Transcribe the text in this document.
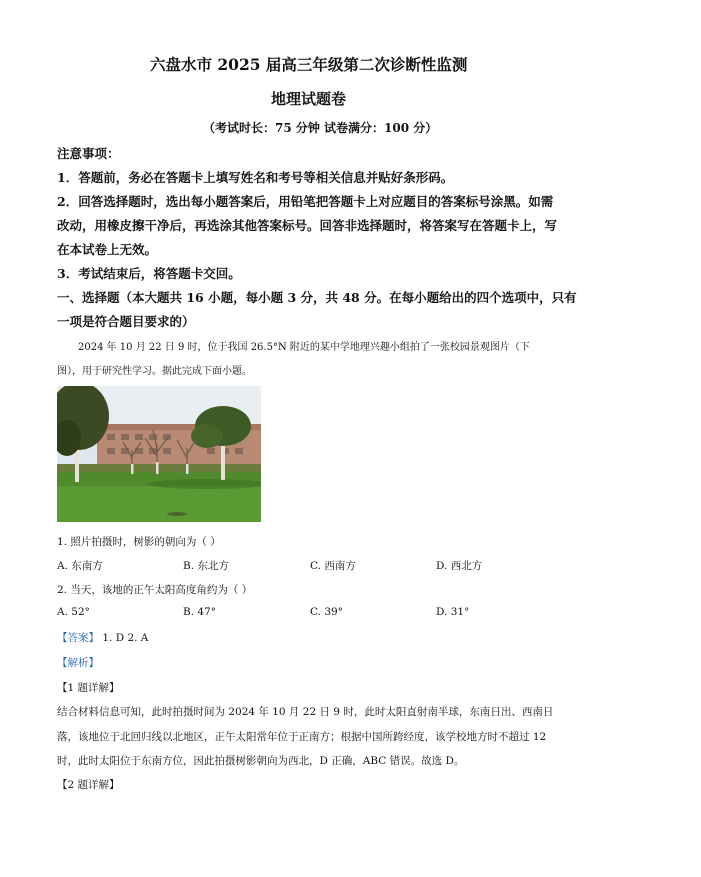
六盘水市 2025 届高三年级第二次诊断性监测
地理试题卷
（考试时长：75 分钟 试卷满分：100 分）
注意事项：
1．答题前，务必在答题卡上填写姓名和考号等相关信息并贴好条形码。
2．回答选择题时，选出每小题答案后，用铅笔把答题卡上对应题目的答案标号涂黑。如需
改动，用橡皮擦干净后，再选涂其他答案标号。回答非选择题时，将答案写在答题卡上，写
在本试卷上无效。
3．考试结束后，将答题卡交回。
一、选择题（本大题共 16 小题，每小题 3 分，共 48 分。在每小题给出的四个选项中，只有
一项是符合题目要求的）
2024 年 10 月 22 日 9 时，位于我国 26.5°N 附近的某中学地理兴趣小组拍了一张校园景观图片（下
图），用于研究性学习。据此完成下面小题。
1. 照片拍摄时，树影的朝向为（ ）
A. 东南方	B. 东北方	C. 西南方	D. 西北方
2. 当天，该地的正午太阳高度角约为（ ）
A. 52°	B. 47°	C. 39°	D. 31°
【答案】 1. D 2. A
【解析】
【1 题详解】
结合材料信息可知，此时拍摄时间为 2024 年 10 月 22 日 9 时，此时太阳直射南半球，东南日出、西南日
落，该地位于北回归线以北地区，正午太阳常年位于正南方；根据中国所跨经度，该学校地方时不超过 12
时，此时太阳位于东南方位，因此拍摄树影朝向为西北，D 正确，ABC 错误。故选 D。
【2 题详解】
